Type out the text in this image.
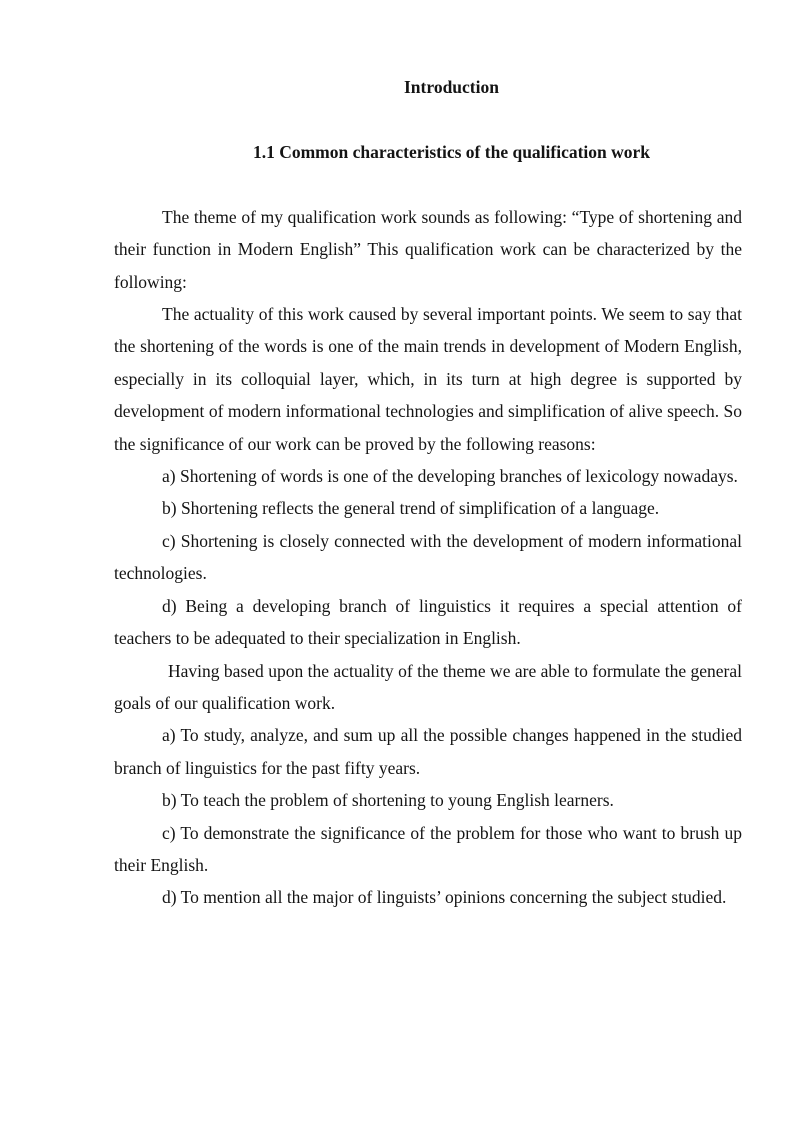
Introduction

1.1 Common characteristics of the qualification work

The theme of my qualification work sounds as following: “Type of shortening and their function in Modern English” This qualification work can be characterized by the following:

The actuality of this work caused by several important points. We seem to say that the shortening of the words is one of the main trends in development of Modern English, especially in its colloquial layer, which, in its turn at high degree is supported by development of modern informational technologies and simplification of alive speech. So the significance of our work can be proved by the following reasons:

a) Shortening of words is one of the developing branches of lexicology nowadays.

b) Shortening reflects the general trend of simplification of a language.

c) Shortening is closely connected with the development of modern informational technologies.

d) Being a developing branch of linguistics it requires a special attention of teachers to be adequated to their specialization in English.

Having based upon the actuality of the theme we are able to formulate the general goals of our qualification work.

a) To study, analyze, and sum up all the possible changes happened in the studied branch of linguistics for the past fifty years.

b) To teach the problem of shortening to young English learners.

c) To demonstrate the significance of the problem for those who want to brush up their English.

d) To mention all the major of linguists’ opinions concerning the subject studied.
